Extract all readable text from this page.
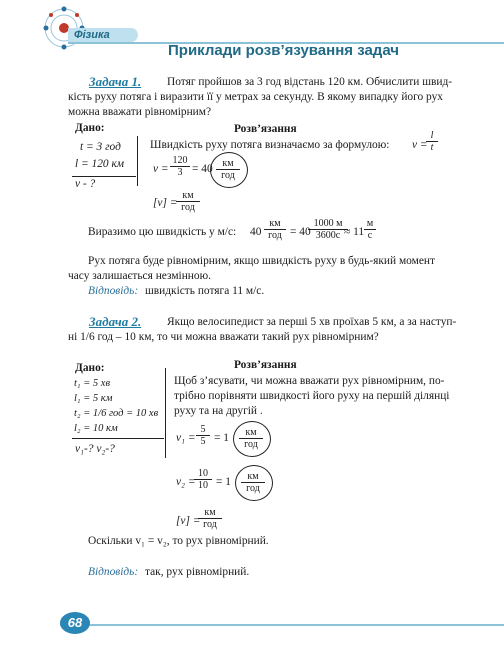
Фізика
Приклади розв’язування задач
Задача 1. Потяг пройшов за 3 год відстань 120 км. Обчислити швид-
кість руху потяга і виразити її у метрах за секунду. В якому випадку його рух
можна вважати рівномірним?
Дано:
t = 3 год
l = 120 км
v - ?
Розв’язання
Швидкість руху потяга визначаємо за формулою: v =
$\frac{l}{t}$
$v = \frac{120}{3} = 40$ км
год
[v] =
км
год
Виразимо цю швидкість у м/с: 40
км
год = 40
1000 м
3600с ≈ 11
м
с
Рух потяга буде рівномірним, якщо швидкість руху в будь-який момент
часу залишається незмінною.
Відповідь: швидкість потяга 11 м/с.
Задача 2. Якщо велосипедист за перші 5 хв проїхав 5 км, а за наступ-
ні 1/6 год – 10 км, то чи можна вважати такий рух рівномірним?
Дано:
t₁ = 5 хв
l₁ = 5 км
t₂ = 1/6 год = 10 хв
l₂ = 10 км
v₁-? v₂-?
Розв’язання
Щоб з’ясувати, чи можна вважати рух рівномірним, по-
трібно порівняти швидкості його руху на першій ділянці
руху та на другій .
$v_1 = \frac{5}{5} = 1$	км
год
v₂ =
$\frac{10}{10} = 1$	км
год
[v] =
км
год
Оскільки v₁ = v₂, то рух рівномірний.
Відповідь: так, рух рівномірний.
68
